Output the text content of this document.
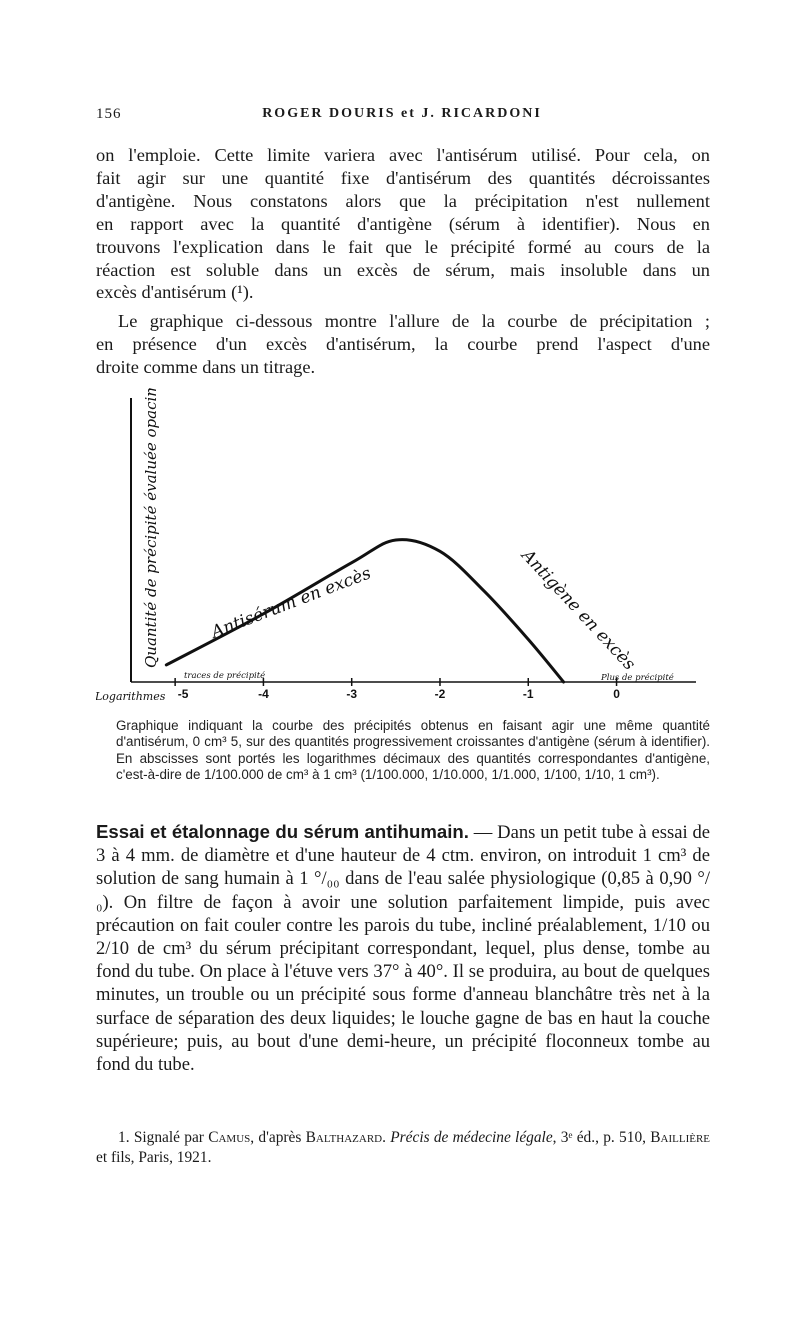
156	ROGER DOURIS et J. RICARDONI
on l'emploie. Cette limite variera avec l'antisérum utilisé. Pour cela, on
fait agir sur une quantité fixe d'antisérum des quantités décroissantes
d'antigène. Nous constatons alors que la précipitation n'est nullement
en rapport avec la quantité d'antigène (sérum à identifier). Nous en
trouvons l'explication dans le fait que le précipité formé au cours de la
réaction est soluble dans un excès de sérum, mais insoluble dans un
excès d'antisérum (¹).
Le graphique ci-dessous montre l'allure de la courbe de précipitation ;
en présence d'un excès d'antisérum, la courbe prend l'aspect d'une
droite comme dans un titrage.
Quantité de précipité évaluée opacimétriquement
Logarithmes -5	-4	-3	-2	-1	0
Antisérum en excès	Antigène en excès
traces de précipité	Plus de précipité
Graphique indiquant la courbe des précipités obtenus en faisant agir une même quantité d'antisérum, 0 cm³ 5, sur des quantités progressivement croissantes d'antigène (sérum à identifier). En abscisses sont portés les logarithmes décimaux des quantités correspondantes d'antigène, c'est-à-dire de 1/100.000 de cm³ à 1 cm³ (1/100.000, 1/10.000, 1/1.000, 1/100, 1/10, 1 cm³).
Essai et étalonnage du sérum antihumain. — Dans un petit tube à essai de 3 à 4 mm. de diamètre et d'une hauteur de 4 ctm. environ, on introduit 1 cm³ de solution de sang humain à 1 °/₀₀ dans de l'eau salée physiologique (0,85 à 0,90 °/₀). On filtre de façon à avoir une solution parfaitement limpide, puis avec précaution on fait couler contre les parois du tube, incliné préalablement, 1/10 ou 2/10 de cm³ du sérum précipitant correspondant, lequel, plus dense, tombe au fond du tube. On place à l'étuve vers 37° à 40°. Il se produira, au bout de quelques minutes, un trouble ou un précipité sous forme d'anneau blanchâtre très net à la surface de séparation des deux liquides; le louche gagne de bas en haut la couche supérieure; puis, au bout d'une demi-heure, un précipité floconneux tombe au fond du tube.
1. Signalé par Camus, d'après Balthazard. Précis de médecine légale, 3ᵉ éd., p. 510, Baillière et fils, Paris, 1921.
